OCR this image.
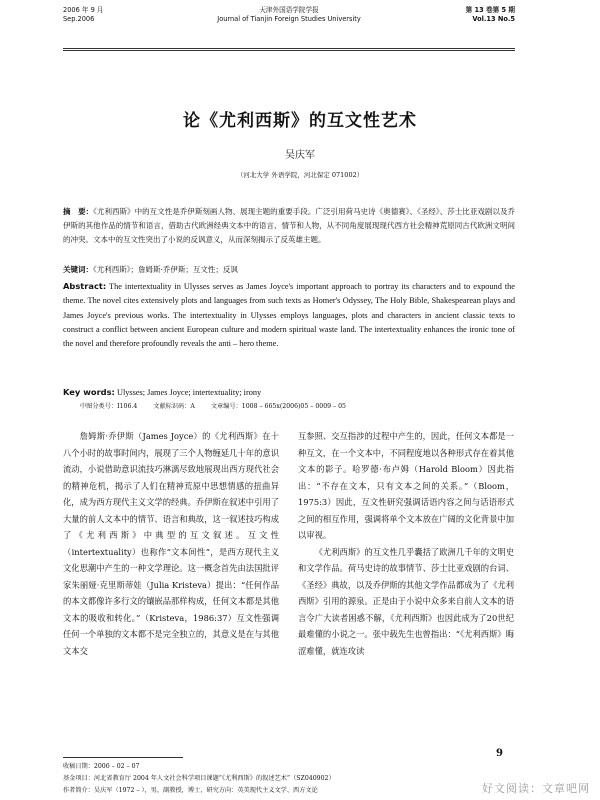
2006 年 9 月
Sep.2006
天津外国语学院学报
Journal of Tianjin Foreign Studies University
第 13 卷第 5 期
Vol.13 No.5
论《尤利西斯》的互文性艺术
吴庆军
（河北大学 外语学院，河北保定 071002）
摘　要：《尤利西斯》中的互文性是乔伊斯刻画人物、展现主题的重要手段。广泛引用荷马史诗《奥德赛》、《圣经》、莎士比亚戏剧以及乔伊斯的其他作品的情节和语言，借助古代欧洲经典文本中的语言、情节和人物，从不同角度展现现代西方社会精神荒原同古代欧洲文明间的冲突。文本中的互文性突出了小说的反讽意义，从而深刻揭示了反英雄主题。
关键词：《尤利西斯》；詹姆斯·乔伊斯；互文性；反讽
Abstract: The intertextuality in Ulysses serves as James Joyce's important approach to portray its characters and to expound the theme. The novel cites extensively plots and languages from such texts as Homer's Odyssey, The Holy Bible, Shakespearean plays and James Joyce's previous works. The intertextuality in Ulysses employs languages, plots and characters in ancient classic texts to construct a conflict between ancient European culture and modern spiritual waste land. The intertextuality enhances the ironic tone of the novel and therefore profoundly reveals the anti – hero theme.
Key words: Ulysses; James Joyce; intertextuality; irony
中图分类号：I106.4	文献标识码：A	文章编号：1008 – 665x(2006)05 – 0009 – 05

詹姆斯·乔伊斯（James Joyce）的《尤利西斯》在十八个小时的故事时间内，展现了三个人物缠延几十年的意识流动，小说借助意识流技巧淋漓尽致地展现出西方现代社会的精神危机，揭示了人们在精神荒原中思想情感的扭曲异化，成为西方现代主义文学的经典。乔伊斯在叙述中引用了大量的前人文本中的情节、语言和典故，这一叙述技巧构成了《尤利西斯》中典型的互文叙述。互文性（intertextuality）也称作“文本间性”，是西方现代主义文化思潮中产生的一种文学理论。这一概念首先由法国批评家朱丽娅·克里斯蒂娃（Julia Kristeva）提出：“任何作品的本文都像许多行文的镶嵌品那样构成，任何文本都是其他文本的吸收和转化。”（Kristeva，1986:37）互文性强调任何一个单独的文本都不是完全独立的，其意义是在与其他文本交

互参照、交互指涉的过程中产生的，因此，任何文本都是一种互文，在一个文本中，不同程度地以各种形式存在着其他文本的影子。哈罗德·布卢姆（Harold Bloom）因此指出：“不存在文本，只有文本之间的关系。”（Bloom，1975:3）因此，互文性研究强调话语内容之间与话语形式之间的相互作用，强调将单个文本放在广阔的文化背景中加以审视。

《尤利西斯》的互文性几乎囊括了欧洲几千年的文明史和文学作品。荷马史诗的故事情节、莎士比亚戏剧的台词、《圣经》典故，以及乔伊斯的其他文学作品都成为了《尤利西斯》引用的源泉。正是由于小说中众多来自前人文本的语言令广大读者困惑不解，《尤利西斯》也因此成为了20世纪最难懂的小说之一。张中载先生也曾指出：“《尤利西斯》晦涩难懂，就连攻读

收稿日期：2006 – 02 – 07
基金项目：河北省教育厅 2004 年人文社会科学项目课题“《尤利西斯》的叙述艺术”（SZ040902）
作者简介：吴庆军（1972 – ），男，副教授，博士，研究方向：英美现代主义文学、西方文论
9
好文阅读：文章吧网
